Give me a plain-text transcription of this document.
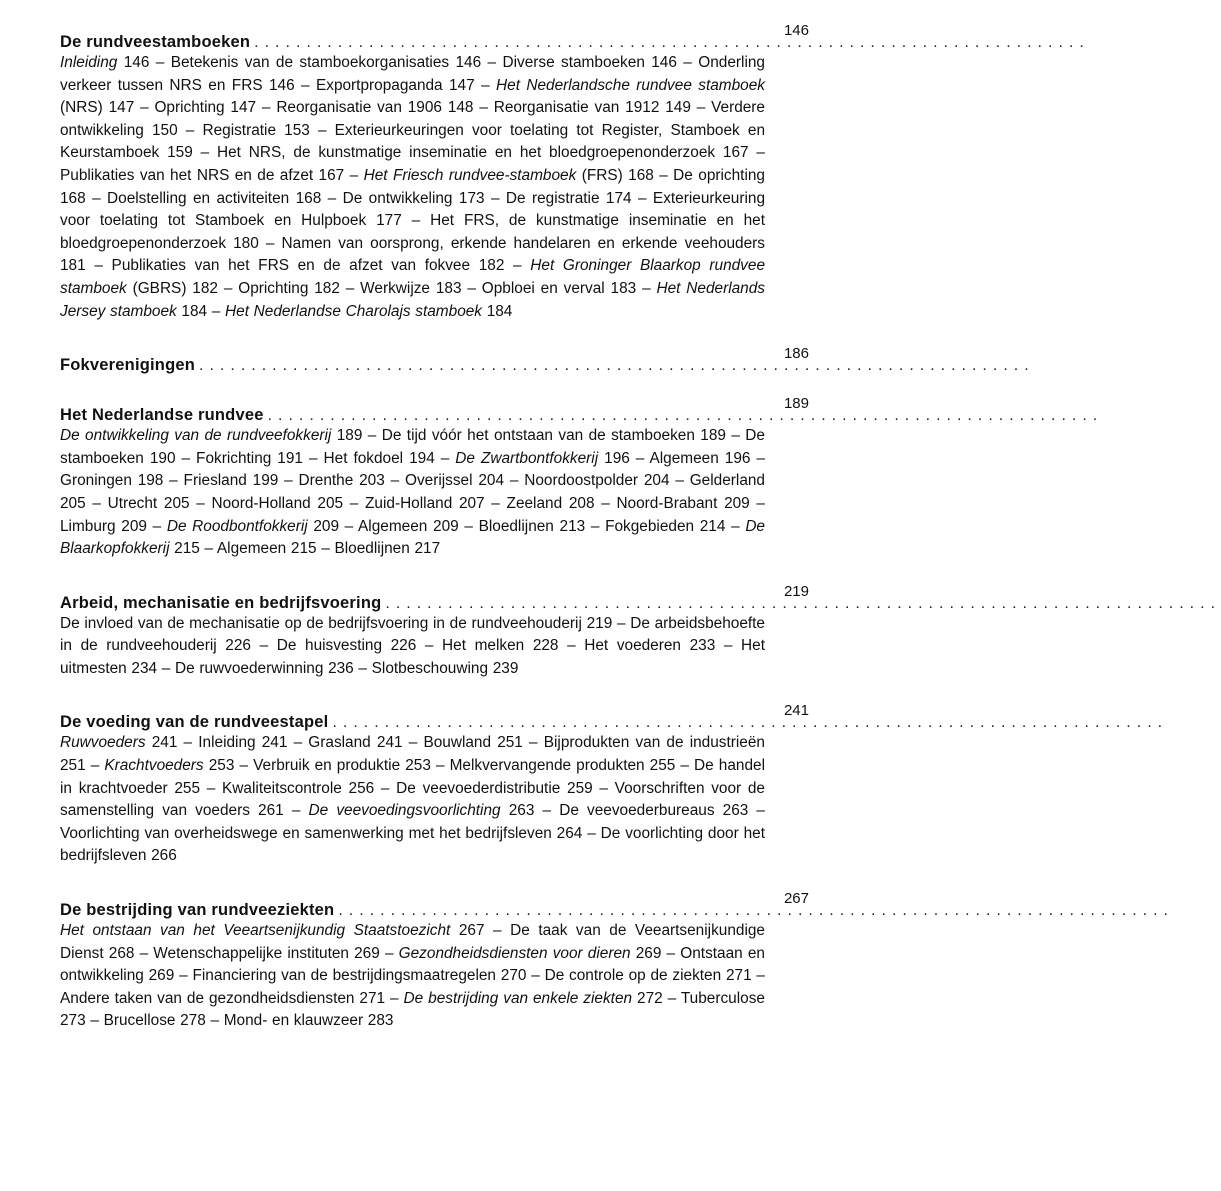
De rundveestamboeken ................................................................................
146
Inleiding 146 – Betekenis van de stamboekorganisaties 146 – Diverse stamboeken 146 – Onderling verkeer tussen NRS en FRS 146 – Exportpropaganda 147 – Het Nederlandsche rundvee stamboek (NRS) 147 – Oprichting 147 – Reorganisatie van 1906 148 – Reorganisatie van 1912 149 – Verdere ontwikkeling 150 – Registratie 153 – Exterieurkeuringen voor toelating tot Register, Stamboek en Keurstamboek 159 – Het NRS, de kunstmatige inseminatie en het bloedgroepenonderzoek 167 – Publikaties van het NRS en de afzet 167 – Het Friesch rundvee-stamboek (FRS) 168 – De oprichting 168 – Doelstelling en activiteiten 168 – De ontwikkeling 173 – De registratie 174 – Exterieurkeuring voor toelating tot Stamboek en Hulpboek 177 – Het FRS, de kunstmatige inseminatie en het bloedgroepenonderzoek 180 – Namen van oorsprong, erkende handelaren en erkende veehouders 181 – Publikaties van het FRS en de afzet van fokvee 182 – Het Groninger Blaarkop rundvee stamboek (GBRS) 182 – Oprichting 182 – Werkwijze 183 – Opbloei en verval 183 – Het Nederlands Jersey stamboek 184 – Het Nederlandse Charolajs stamboek 184
Fokverenigingen ................................................................................
186
Het Nederlandse rundvee ................................................................................
189
De ontwikkeling van de rundveefokkerij 189 – De tijd vóór het ontstaan van de stamboeken 189 – De stamboeken 190 – Fokrichting 191 – Het fokdoel 194 – De Zwartbontfokkerij 196 – Algemeen 196 – Groningen 198 – Friesland 199 – Drenthe 203 – Overijssel 204 – Noordoostpolder 204 – Gelderland 205 – Utrecht 205 – Noord-Holland 205 – Zuid-Holland 207 – Zeeland 208 – Noord-Brabant 209 – Limburg 209 – De Roodbontfokkerij 209 – Algemeen 209 – Bloedlijnen 213 – Fokgebieden 214 – De Blaarkopfokkerij 215 – Algemeen 215 – Bloedlijnen 217
Arbeid, mechanisatie en bedrijfsvoering ................................................................................
219
De invloed van de mechanisatie op de bedrijfsvoering in de rundveehouderij 219 – De arbeidsbehoefte in de rundveehouderij 226 – De huisvesting 226 – Het melken 228 – Het voederen 233 – Het uitmesten 234 – De ruwvoederwinning 236 – Slotbeschouwing 239
De voeding van de rundveestapel ................................................................................
241
Ruwvoeders 241 – Inleiding 241 – Grasland 241 – Bouwland 251 – Bijprodukten van de industrieën 251 – Krachtvoeders 253 – Verbruik en produktie 253 – Melkvervangende produkten 255 – De handel in krachtvoeder 255 – Kwaliteitscontrole 256 – De veevoederdistributie 259 – Voorschriften voor de samenstelling van voeders 261 – De veevoedingsvoorlichting 263 – De veevoederbureaus 263 – Voorlichting van overheidswege en samenwerking met het bedrijfsleven 264 – De voorlichting door het bedrijfsleven 266
De bestrijding van rundveeziekten ................................................................................
267
Het ontstaan van het Veeartsenijkundig Staatstoezicht 267 – De taak van de Veeartsenijkundige Dienst 268 – Wetenschappelijke instituten 269 – Gezondheidsdiensten voor dieren 269 – Ontstaan en ontwikkeling 269 – Financiering van de bestrijdingsmaatregelen 270 – De controle op de ziekten 271 – Andere taken van de gezondheidsdiensten 271 – De bestrijding van enkele ziekten 272 – Tuberculose 273 – Brucellose 278 – Mond- en klauwzeer 283
